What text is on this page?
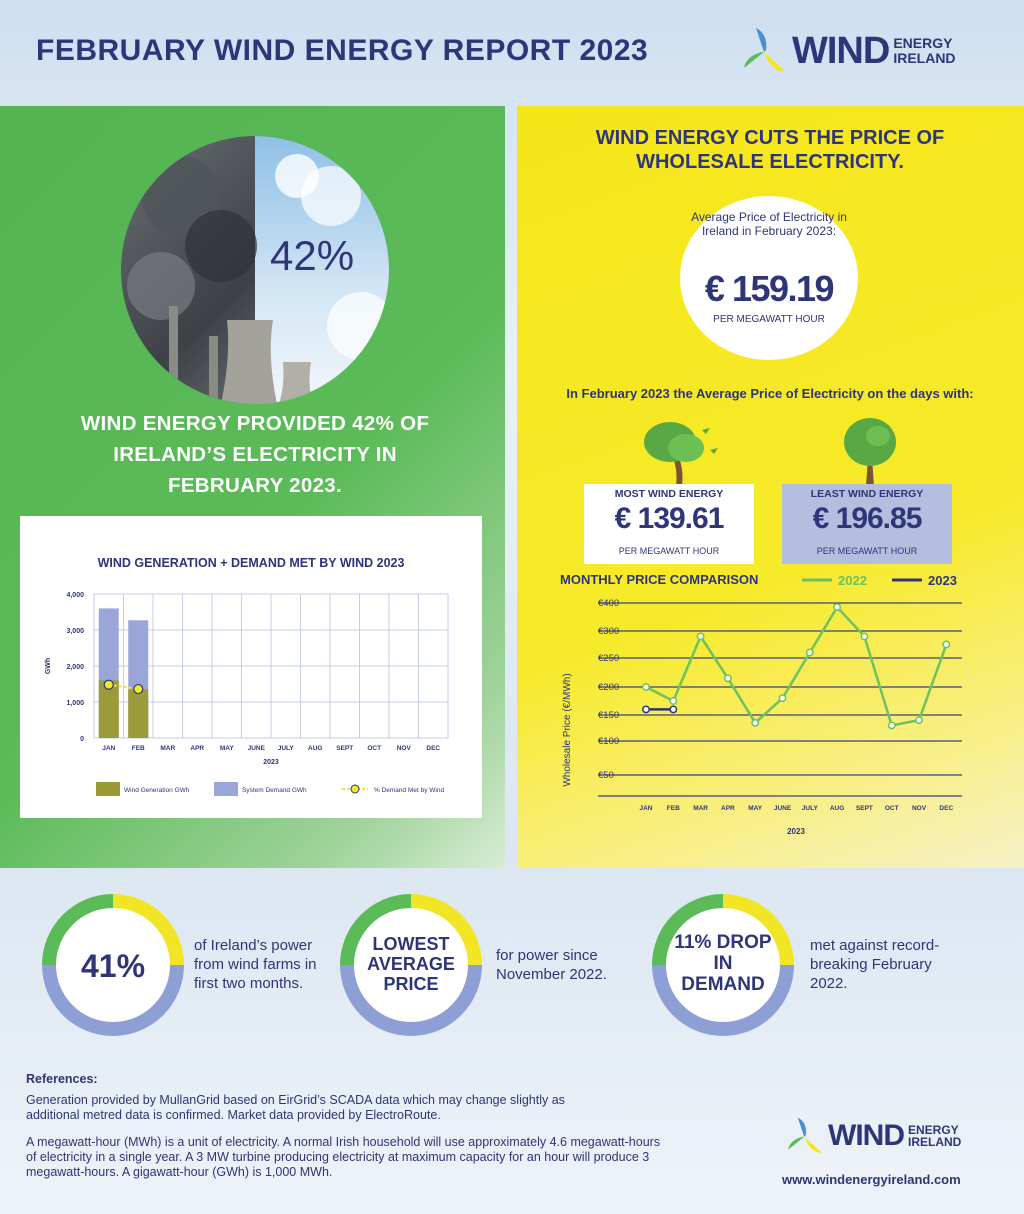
FEBRUARY WIND ENERGY REPORT 2023	WIND ENERGY
IRELAND
42%
WIND ENERGY PROVIDED 42% OF IRELAND’S ELECTRICITY IN FEBRUARY 2023.
WIND GENERATION + DEMAND MET BY WIND 2023
0
1,000
2,000
3,000
4,000
GWh
JAN	FEB MAR APR MAY JUNE JULY AUG SEPT OCT NOV DEC
2023
Wind Generation GWh	System Demand GWh	% Demand Met by Wind
WIND ENERGY CUTS THE PRICE OF WHOLESALE ELECTRICITY.
Average Price of Electricity in Ireland in February 2023:
€ 159.19
PER MEGAWATT HOUR
In February 2023 the Average Price of Electricity on the days with:
MOST WIND ENERGY
€ 139.61
PER MEGAWATT HOUR
LEAST WIND ENERGY
€ 196.85
PER MEGAWATT HOUR
MONTHLY PRICE COMPARISON	2022	2023
€400
€300
€250
€200
€150
€100
€50
Wholesale Price (€/MWh)
JAN FEB MAR APR MAY JUNE JULY AUG SEPT OCT NOV DEC
2023
41%
of Ireland’s power from wind farms in first two months.
LOWEST AVERAGE PRICE
for power since November 2022.
11% DROP IN DEMAND
met against record-breaking February 2022.
References:

Generation provided by MullanGrid based on EirGrid’s SCADA data which may change slightly as additional metred data is confirmed. Market data provided by ElectroRoute.

A megawatt-hour (MWh) is a unit of electricity. A normal Irish household will use approximately 4.6 megawatt-hours of electricity in a single year. A 3 MW turbine producing electricity at maximum capacity for an hour will produce 3 megawatt-hours. A gigawatt-hour (GWh) is 1,000 MWh.

WIND ENERGY
IRELAND
www.windenergyireland.com
